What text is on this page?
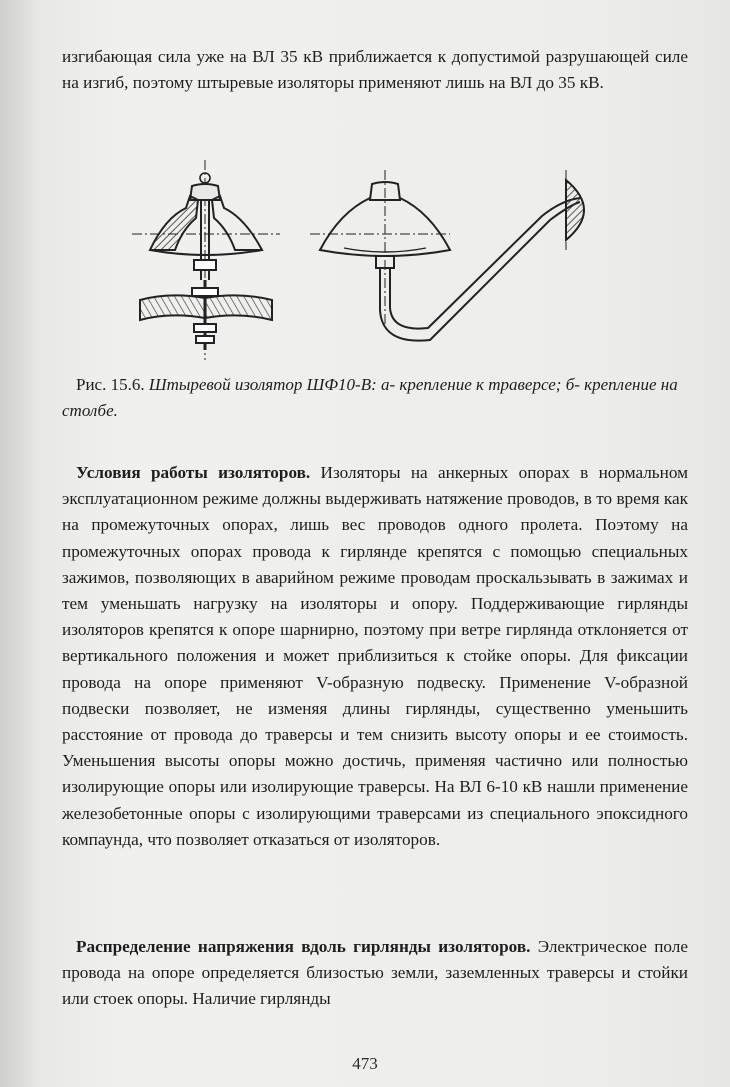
изгибающая сила уже на ВЛ 35 кВ приближается к допустимой разрушающей силе на изгиб, поэтому штыревые изоляторы применяют лишь на ВЛ до 35 кВ.

Рис. 15.6. Штыревой изолятор ШФ10-В: а- крепление к траверсе; б- крепление на столбе.

Условия работы изоляторов. Изоляторы на анкерных опорах в нормальном эксплуатационном режиме должны выдерживать натяжение проводов, в то время как на промежуточных опорах, лишь вес проводов одного пролета. Поэтому на промежуточных опорах провода к гирлянде крепятся с помощью специальных зажимов, позволяющих в аварийном режиме проводам проскальзывать в зажимах и тем уменьшать нагрузку на изоляторы и опору. Поддерживающие гирлянды изоляторов крепятся к опоре шарнирно, поэтому при ветре гирлянда отклоняется от вертикального положения и может приблизиться к стойке опоры. Для фиксации провода на опоре применяют V-образную подвеску. Применение V-образной подвески позволяет, не изменяя длины гирлянды, существенно уменьшить расстояние от провода до траверсы и тем снизить высоту опоры и ее стоимость. Уменьшения высоты опоры можно достичь, применяя частично или полностью изолирующие опоры или изолирующие траверсы. На ВЛ 6-10 кВ нашли применение железобетонные опоры с изолирующими траверсами из специального эпоксидного компаунда, что позволяет отказаться от изоляторов.

Распределение напряжения вдоль гирлянды изоляторов. Электрическое поле провода на опоре определяется близостью земли, заземленных траверсы и стойки или стоек опоры. Наличие гирлянды

473
